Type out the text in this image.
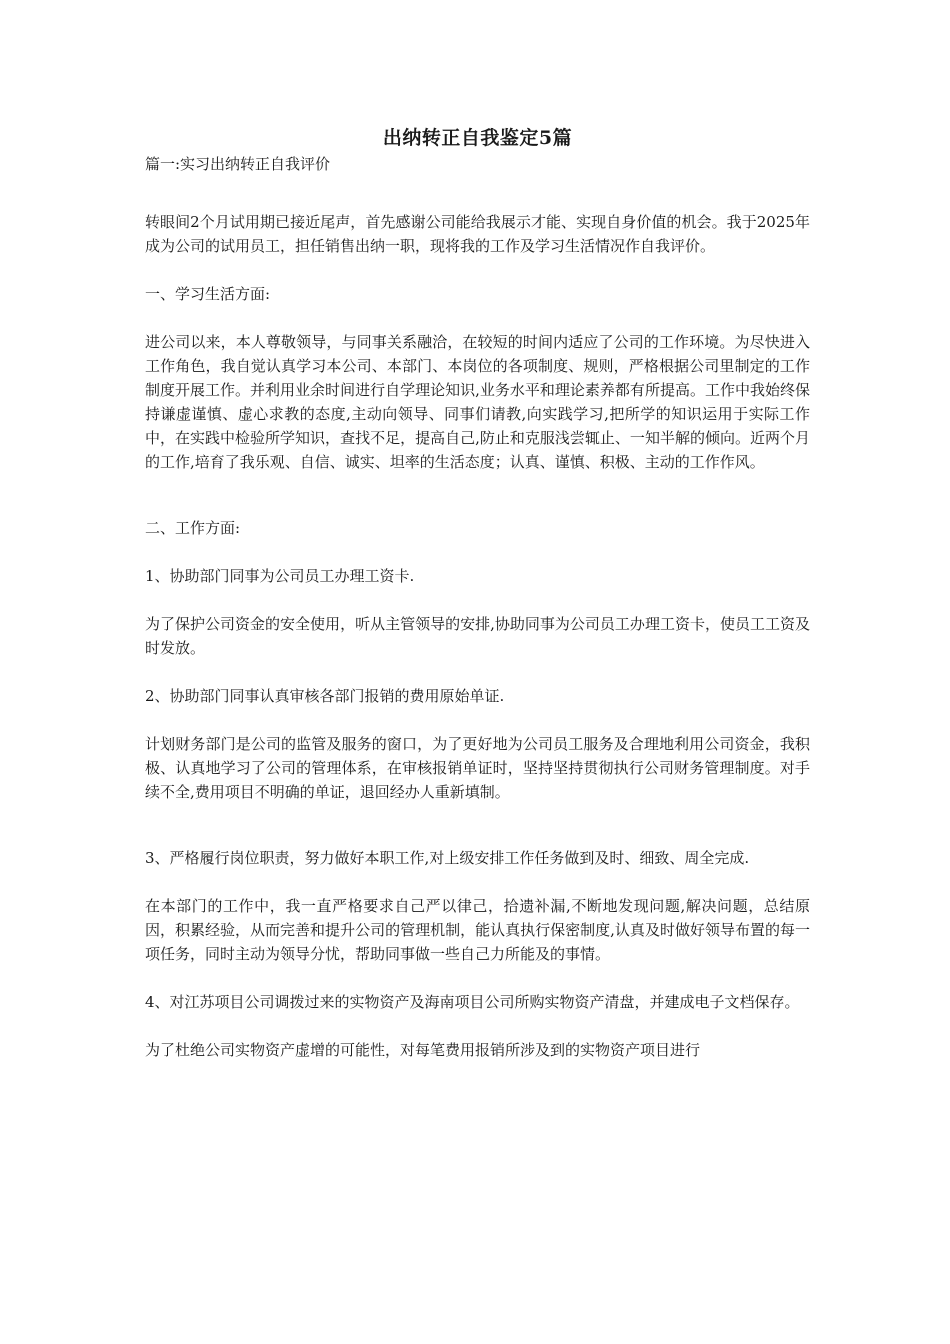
出纳转正自我鉴定5篇

篇一:实习出纳转正自我评价

转眼间2个月试用期已接近尾声，首先感谢公司能给我展示才能、实现自身价值的机会。我于2025年成为公司的试用员工，担任销售出纳一职，现将我的工作及学习生活情况作自我评价。

一、学习生活方面:

进公司以来，本人尊敬领导，与同事关系融洽，在较短的时间内适应了公司的工作环境。为尽快进入工作角色，我自觉认真学习本公司、本部门、本岗位的各项制度、规则，严格根据公司里制定的工作制度开展工作。并利用业余时间进行自学理论知识,业务水平和理论素养都有所提高。工作中我始终保持谦虚谨慎、虚心求教的态度,主动向领导、同事们请教,向实践学习,把所学的知识运用于实际工作中，在实践中检验所学知识，查找不足，提高自己,防止和克服浅尝辄止、一知半解的倾向。近两个月的工作,培育了我乐观、自信、诚实、坦率的生活态度；认真、谨慎、积极、主动的工作作风。

二、工作方面:

1、协助部门同事为公司员工办理工资卡.

为了保护公司资金的安全使用，听从主管领导的安排,协助同事为公司员工办理工资卡，使员工工资及时发放。

2、协助部门同事认真审核各部门报销的费用原始单证.

计划财务部门是公司的监管及服务的窗口，为了更好地为公司员工服务及合理地利用公司资金，我积极、认真地学习了公司的管理体系，在审核报销单证时，坚持坚持贯彻执行公司财务管理制度。对手续不全,费用项目不明确的单证，退回经办人重新填制。

3、严格履行岗位职责，努力做好本职工作,对上级安排工作任务做到及时、细致、周全完成.

在本部门的工作中，我一直严格要求自己严以律己，拾遗补漏,不断地发现问题,解决问题，总结原因，积累经验，从而完善和提升公司的管理机制，能认真执行保密制度,认真及时做好领导布置的每一项任务，同时主动为领导分忧，帮助同事做一些自己力所能及的事情。

4、对江苏项目公司调拨过来的实物资产及海南项目公司所购实物资产清盘，并建成电子文档保存。

为了杜绝公司实物资产虚增的可能性，对每笔费用报销所涉及到的实物资产项目进行
